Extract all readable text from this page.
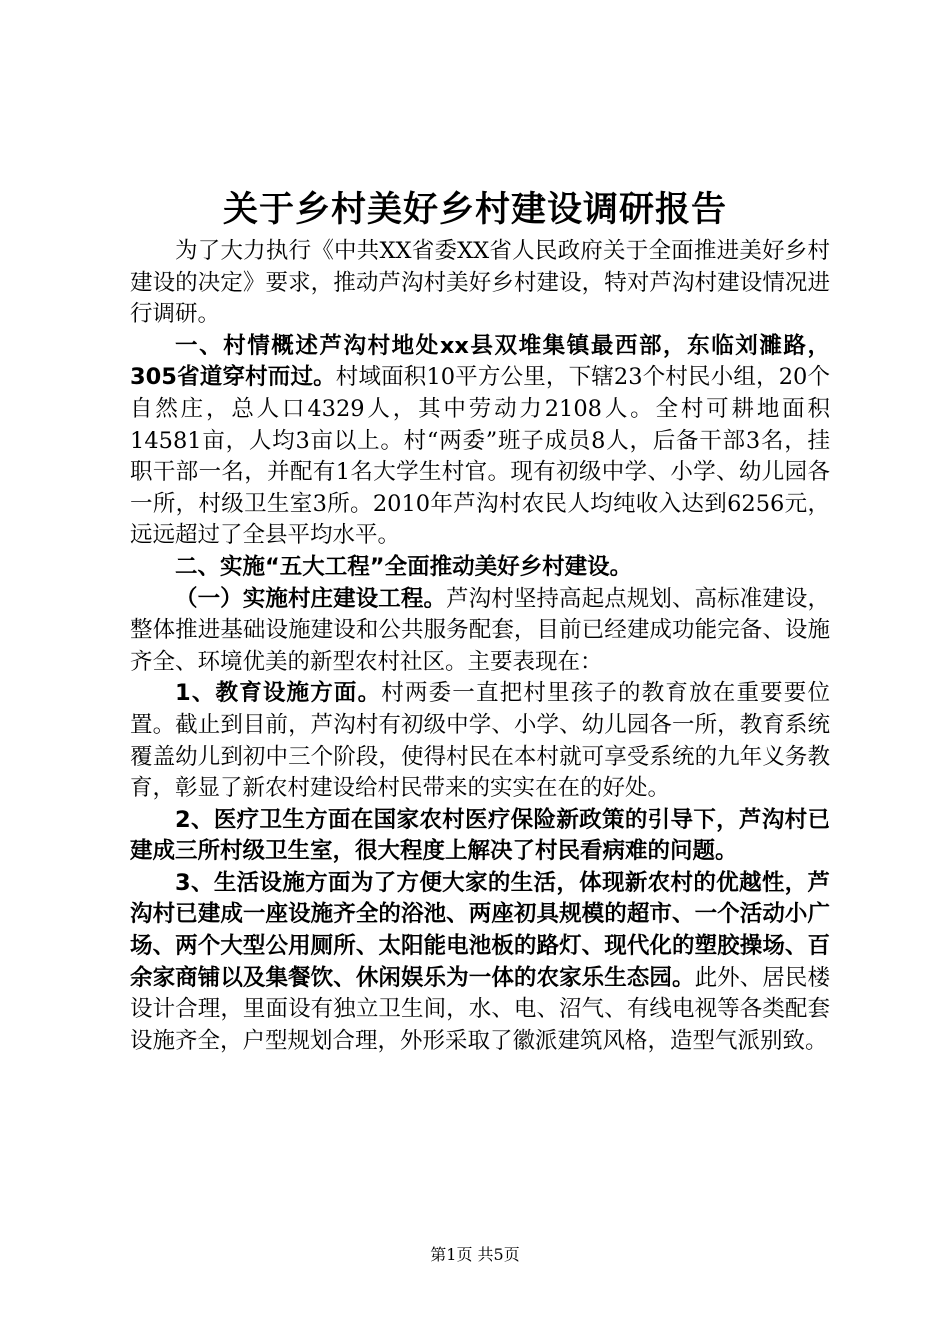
关于乡村美好乡村建设调研报告

为了大力执行《中共XX省委XX省人民政府关于全面推进美好乡村建设的决定》要求，推动芦沟村美好乡村建设，特对芦沟村建设情况进行调研。

一、村情概述芦沟村地处xx县双堆集镇最西部，东临刘濉路，305省道穿村而过。村域面积10平方公里，下辖23个村民小组，20个自然庄，总人口4329人，其中劳动力2108人。全村可耕地面积14581亩，人均3亩以上。村“两委”班子成员8人，后备干部3名，挂职干部一名，并配有1名大学生村官。现有初级中学、小学、幼儿园各一所，村级卫生室3所。2010年芦沟村农民人均纯收入达到6256元，远远超过了全县平均水平。

二、实施“五大工程”全面推动美好乡村建设。

（一）实施村庄建设工程。芦沟村坚持高起点规划、高标准建设，整体推进基础设施建设和公共服务配套，目前已经建成功能完备、设施齐全、环境优美的新型农村社区。主要表现在：

1、教育设施方面。村两委一直把村里孩子的教育放在重要要位置。截止到目前，芦沟村有初级中学、小学、幼儿园各一所，教育系统覆盖幼儿到初中三个阶段，使得村民在本村就可享受系统的九年义务教育，彰显了新农村建设给村民带来的实实在在的好处。

2、医疗卫生方面在国家农村医疗保险新政策的引导下，芦沟村已建成三所村级卫生室，很大程度上解决了村民看病难的问题。

3、生活设施方面为了方便大家的生活，体现新农村的优越性，芦沟村已建成一座设施齐全的浴池、两座初具规模的超市、一个活动小广场、两个大型公用厕所、太阳能电池板的路灯、现代化的塑胶操场、百余家商铺以及集餐饮、休闲娱乐为一体的农家乐生态园。此外、居民楼设计合理，里面设有独立卫生间，水、电、沼气、有线电视等各类配套设施齐全，户型规划合理，外形采取了徽派建筑风格，造型气派别致。

第1页 共5页
